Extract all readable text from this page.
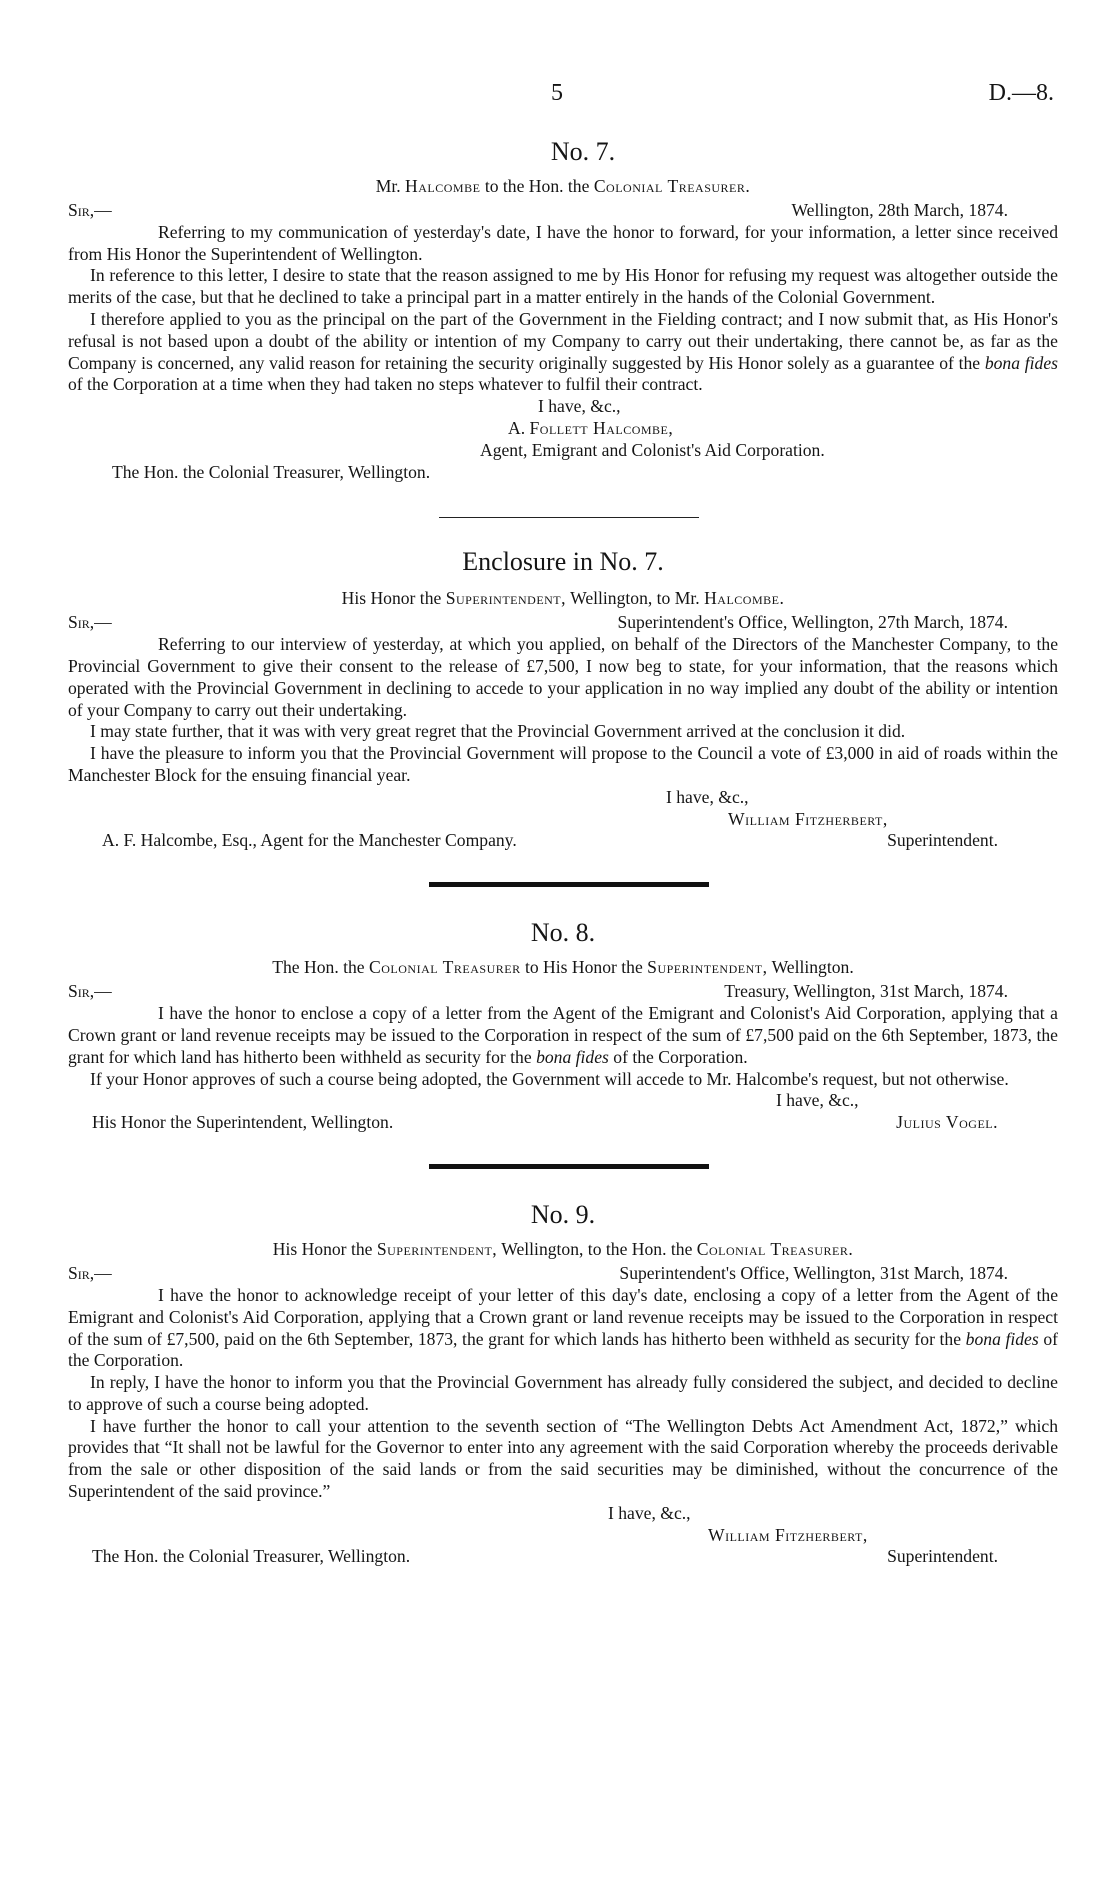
5	D.—8.
No. 7.
Mr. Halcombe to the Hon. the Colonial Treasurer.
Sir,—	Wellington, 28th March, 1874.

Referring to my communication of yesterday's date, I have the honor to forward, for your information, a letter since received from His Honor the Superintendent of Wellington.

In reference to this letter, I desire to state that the reason assigned to me by His Honor for refusing my request was altogether outside the merits of the case, but that he declined to take a principal part in a matter entirely in the hands of the Colonial Government.

I therefore applied to you as the principal on the part of the Government in the Fielding contract; and I now submit that, as His Honor's refusal is not based upon a doubt of the ability or intention of my Company to carry out their undertaking, there cannot be, as far as the Company is concerned, any valid reason for retaining the security originally suggested by His Honor solely as a guarantee of the bona fides of the Corporation at a time when they had taken no steps whatever to fulfil their contract.

I have, &c.,
A. Follett Halcombe,
Agent, Emigrant and Colonist's Aid Corporation.
The Hon. the Colonial Treasurer, Wellington.
Enclosure in No. 7.
His Honor the Superintendent, Wellington, to Mr. Halcombe.
Sir,—	Superintendent's Office, Wellington, 27th March, 1874.

Referring to our interview of yesterday, at which you applied, on behalf of the Directors of the Manchester Company, to the Provincial Government to give their consent to the release of £7,500, I now beg to state, for your information, that the reasons which operated with the Provincial Government in declining to accede to your application in no way implied any doubt of the ability or intention of your Company to carry out their undertaking.

I may state further, that it was with very great regret that the Provincial Government arrived at the conclusion it did.

I have the pleasure to inform you that the Provincial Government will propose to the Council a vote of £3,000 in aid of roads within the Manchester Block for the ensuing financial year.

I have, &c.,
William Fitzherbert,
A. F. Halcombe, Esq., Agent for the Manchester Company.	Superintendent.
No. 8.
The Hon. the Colonial Treasurer to His Honor the Superintendent, Wellington.
Sir,—	Treasury, Wellington, 31st March, 1874.

I have the honor to enclose a copy of a letter from the Agent of the Emigrant and Colonist's Aid Corporation, applying that a Crown grant or land revenue receipts may be issued to the Corporation in respect of the sum of £7,500 paid on the 6th September, 1873, the grant for which land has hitherto been withheld as security for the bona fides of the Corporation.

If your Honor approves of such a course being adopted, the Government will accede to Mr. Halcombe's request, but not otherwise.

I have, &c.,
His Honor the Superintendent, Wellington.	Julius Vogel.
No. 9.
His Honor the Superintendent, Wellington, to the Hon. the Colonial Treasurer.
Sir,—	Superintendent's Office, Wellington, 31st March, 1874.

I have the honor to acknowledge receipt of your letter of this day's date, enclosing a copy of a letter from the Agent of the Emigrant and Colonist's Aid Corporation, applying that a Crown grant or land revenue receipts may be issued to the Corporation in respect of the sum of £7,500, paid on the 6th September, 1873, the grant for which lands has hitherto been withheld as security for the bona fides of the Corporation.

In reply, I have the honor to inform you that the Provincial Government has already fully considered the subject, and decided to decline to approve of such a course being adopted.

I have further the honor to call your attention to the seventh section of “The Wellington Debts Act Amendment Act, 1872,” which provides that “It shall not be lawful for the Governor to enter into any agreement with the said Corporation whereby the proceeds derivable from the sale or other disposition of the said lands or from the said securities may be diminished, without the concurrence of the Superintendent of the said province.”

I have, &c.,
William Fitzherbert,
The Hon. the Colonial Treasurer, Wellington.	Superintendent.
